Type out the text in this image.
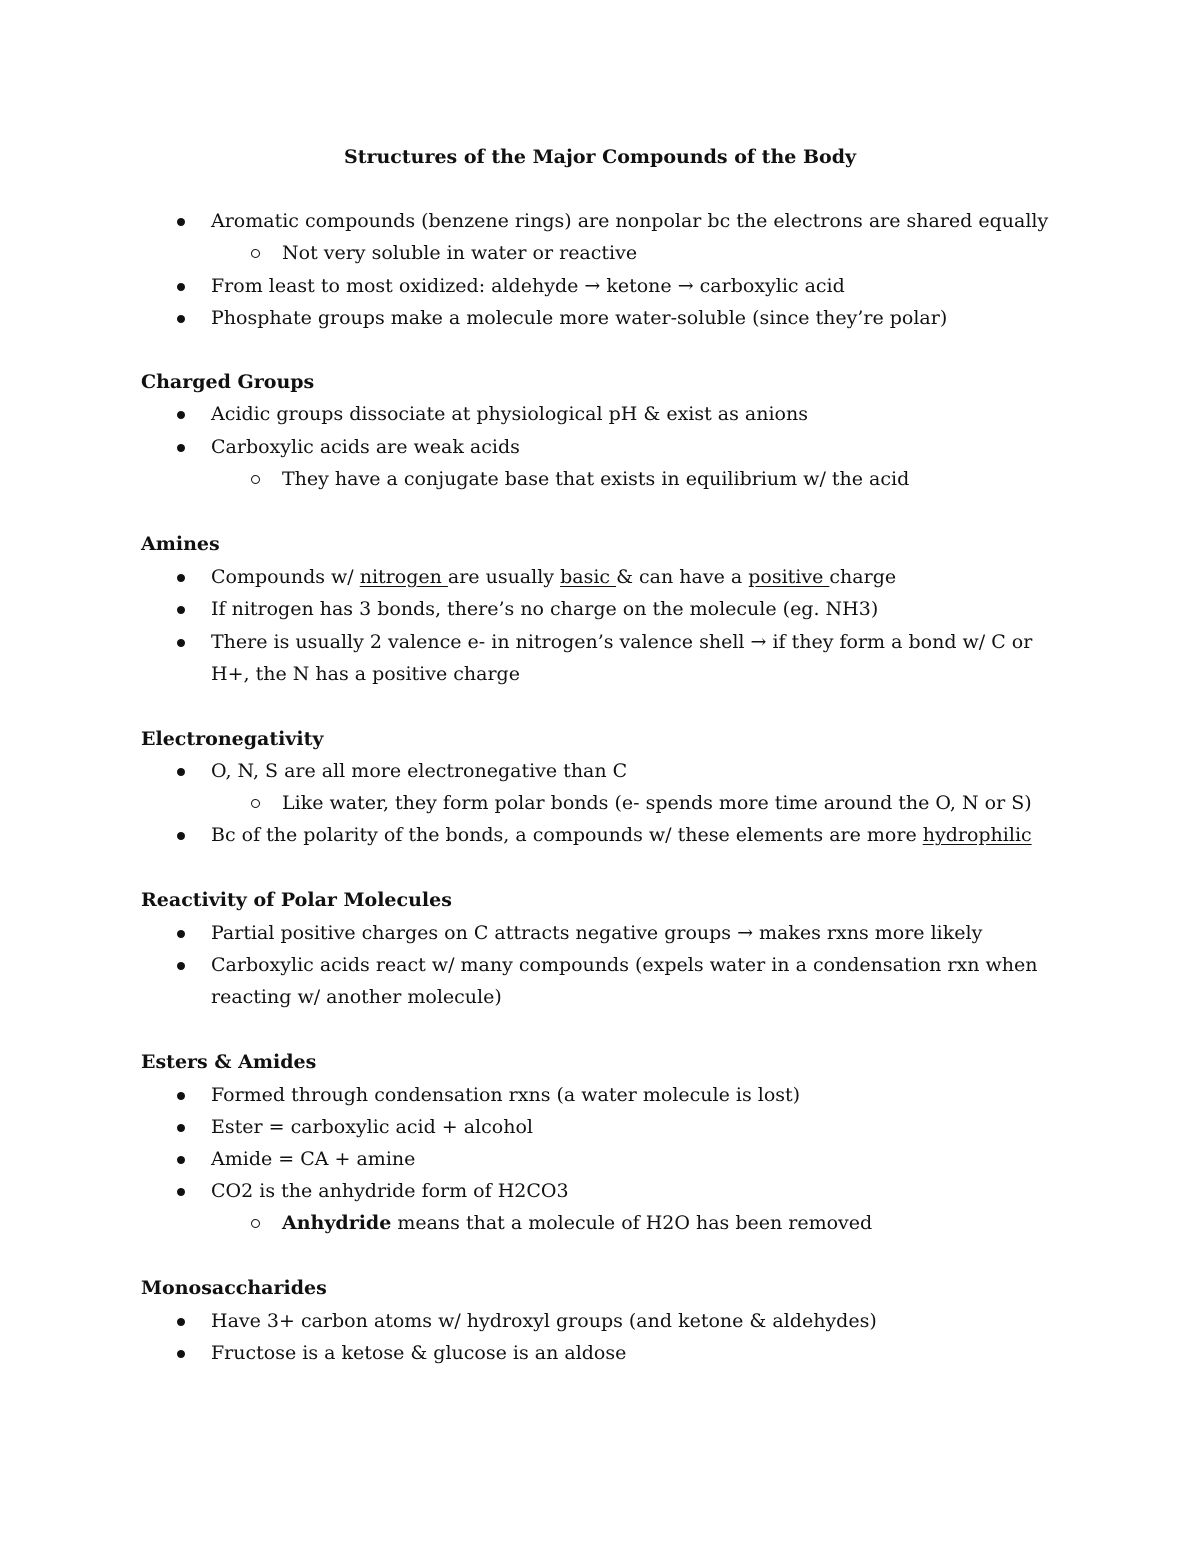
Structures of the Major Compounds of the Body
Aromatic compounds (benzene rings) are nonpolar bc the electrons are shared equally
Not very soluble in water or reactive
From least to most oxidized: aldehyde → ketone → carboxylic acid
Phosphate groups make a molecule more water-soluble (since they’re polar)
Charged Groups
Acidic groups dissociate at physiological pH & exist as anions
Carboxylic acids are weak acids
They have a conjugate base that exists in equilibrium w/ the acid
Amines
Compounds w/ nitrogen are usually basic & can have a positive charge
If nitrogen has 3 bonds, there’s no charge on the molecule (eg. NH3)
There is usually 2 valence e- in nitrogen’s valence shell → if they form a bond w/ C or H+, the N has a positive charge
Electronegativity
O, N, S are all more electronegative than C
Like water, they form polar bonds (e- spends more time around the O, N or S)
Bc of the polarity of the bonds, a compounds w/ these elements are more hydrophilic
Reactivity of Polar Molecules
Partial positive charges on C attracts negative groups → makes rxns more likely
Carboxylic acids react w/ many compounds (expels water in a condensation rxn when reacting w/ another molecule)
Esters & Amides
Formed through condensation rxns (a water molecule is lost)
Ester = carboxylic acid + alcohol
Amide = CA + amine
CO2 is the anhydride form of H2CO3
Anhydride means that a molecule of H2O has been removed
Monosaccharides
Have 3+ carbon atoms w/ hydroxyl groups (and ketone & aldehydes)
Fructose is a ketose & glucose is an aldose
